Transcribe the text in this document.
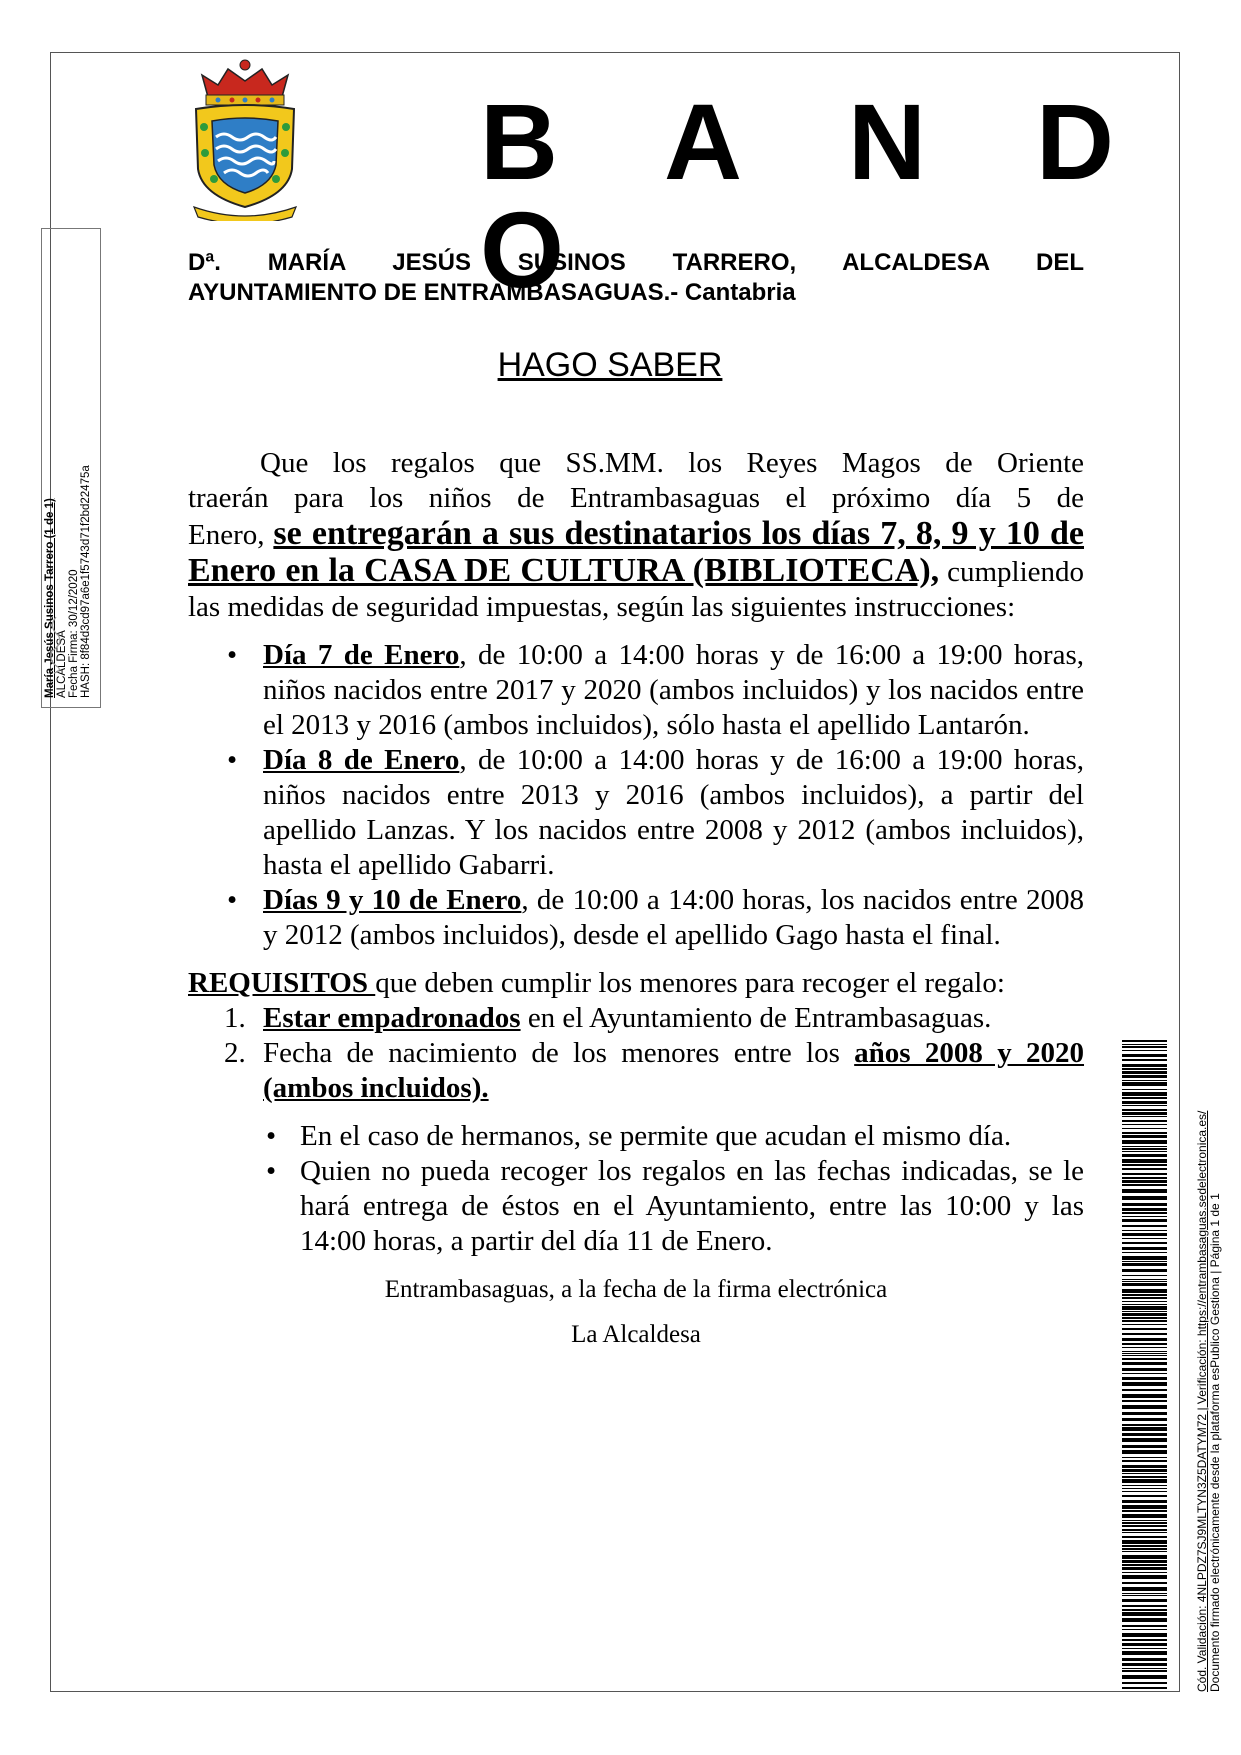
B A N D O
María Jesús Susinos Tarrero (1 de 1) ALCALDESA Fecha Firma: 30/12/2020 HASH: 8f84d3cd97a6e1f5743d71f2bd22475a
Dª. MARÍA JESÚS SUSINOS TARRERO, ALCALDESA DEL
AYUNTAMIENTO DE ENTRAMBASAGUAS.- Cantabria
HAGO SABER
Que los regalos que SS.MM. los Reyes Magos de Oriente
traerán para los niños de Entrambasaguas el próximo día 5 de
Enero, se entregarán a sus destinatarios los días 7, 8, 9 y 10 de Enero en la CASA DE CULTURA (BIBLIOTECA), cumpliendo las medidas de seguridad impuestas, según las siguientes instrucciones:
• Día 7 de Enero, de 10:00 a 14:00 horas y de 16:00 a 19:00 horas, niños nacidos entre 2017 y 2020 (ambos incluidos) y los nacidos entre el 2013 y 2016 (ambos incluidos), sólo hasta el apellido Lantarón.
• Día 8 de Enero, de 10:00 a 14:00 horas y de 16:00 a 19:00 horas, niños nacidos entre 2013 y 2016 (ambos incluidos), a partir del apellido Lanzas. Y los nacidos entre 2008 y 2012 (ambos incluidos), hasta el apellido Gabarri.
• Días 9 y 10 de Enero, de 10:00 a 14:00 horas, los nacidos entre 2008 y 2012 (ambos incluidos), desde el apellido Gago hasta el final.
REQUISITOS que deben cumplir los menores para recoger el regalo:
1. Estar empadronados en el Ayuntamiento de Entrambasaguas.
2. Fecha de nacimiento de los menores entre los años 2008 y 2020 (ambos incluidos).
• En el caso de hermanos, se permite que acudan el mismo día.
• Quien no pueda recoger los regalos en las fechas indicadas, se le hará entrega de éstos en el Ayuntamiento, entre las 10:00 y las 14:00 horas, a partir del día 11 de Enero.
Entrambasaguas, a la fecha de la firma electrónica
La Alcaldesa	Cód. Validación: 4NLPDZ7SJ9MLTYN3Z5DATYM72 | Verificación: https://entrambasaguas.sedelectronica.es/ Documento firmado electrónicamente desde la plataforma esPublico Gestiona | Página 1 de 1
